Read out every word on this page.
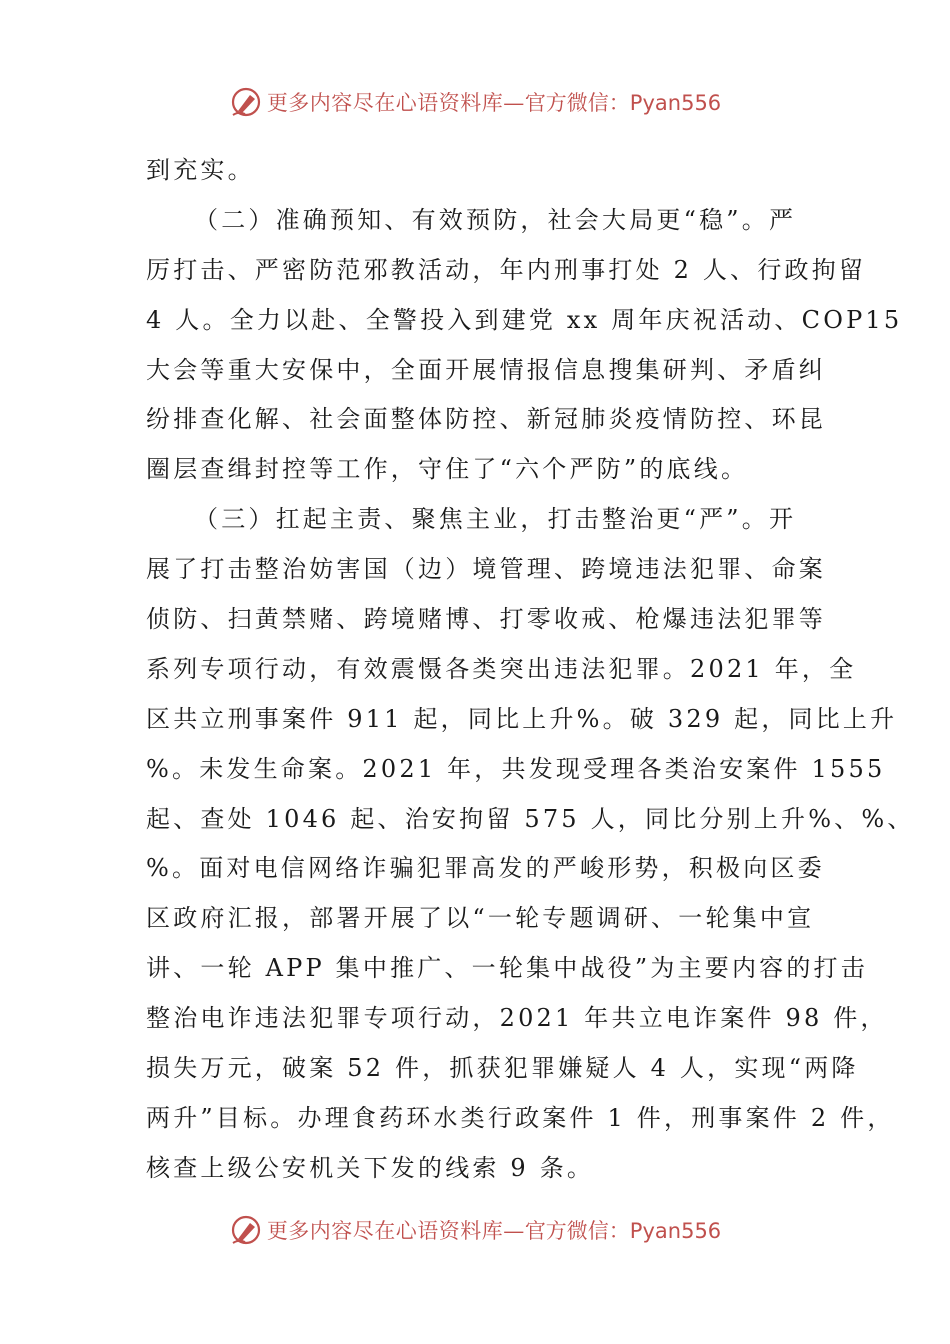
更多内容尽在心语资料库— 官方微信：Pyan556
到充实。
（二）准确预知、有效预防，社会大局更“稳”。严
厉打击、严密防范邪教活动，年内刑事打处 2 人、行政拘留
4 人。全力以赴、全警投入到建党 xx 周年庆祝活动、COP15
大会等重大安保中，全面开展情报信息搜集研判、矛盾纠
纷排查化解、社会面整体防控、新冠肺炎疫情防控、环昆
圈层查缉封控等工作，守住了“六个严防”的底线。
（三）扛起主责、聚焦主业，打击整治更“严”。开
展了打击整治妨害国（边）境管理、跨境违法犯罪、命案
侦防、扫黄禁赌、跨境赌博、打零收戒、枪爆违法犯罪等
系列专项行动，有效震慑各类突出违法犯罪。2021 年，全
区共立刑事案件 911 起，同比上升%。破 329 起，同比上升
%。未发生命案。2021 年，共发现受理各类治安案件 1555
起、查处 1046 起、治安拘留 575 人，同比分别上升%、%、
%。面对电信网络诈骗犯罪高发的严峻形势，积极向区委
区政府汇报，部署开展了以“一轮专题调研、一轮集中宣
讲、一轮 APP 集中推广、一轮集中战役”为主要内容的打击
整治电诈违法犯罪专项行动，2021 年共立电诈案件 98 件，
损失万元，破案 52 件，抓获犯罪嫌疑人 4 人，实现“两降
两升”目标。办理食药环水类行政案件 1 件，刑事案件 2 件，
核查上级公安机关下发的线索 9 条。
更多内容尽在心语资料库— 官方微信：Pyan556
